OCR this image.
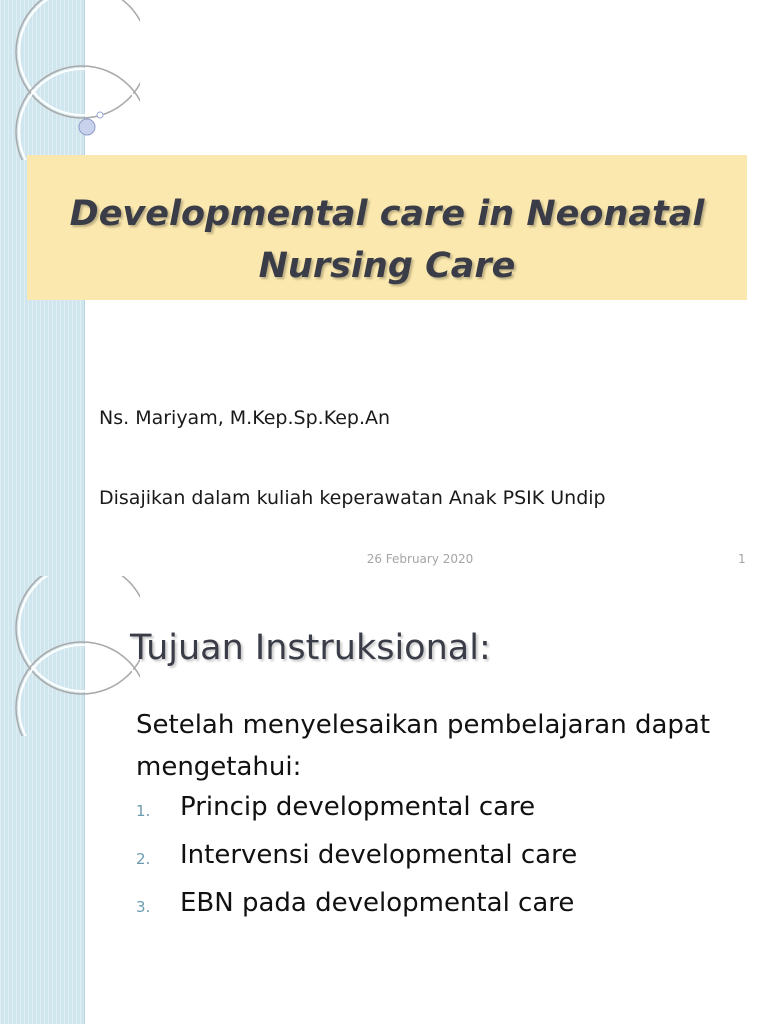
Developmental care in Neonatal
Nursing Care

Ns. Mariyam, M.Kep.Sp.Kep.An

Disajikan dalam kuliah keperawatan Anak PSIK Undip

26 February 2020	1
Tujuan Instruksional:

Setelah menyelesaikan pembelajaran dapat mengetahui:

1. Princip developmental care
2. Intervensi developmental care
3. EBN pada developmental care
